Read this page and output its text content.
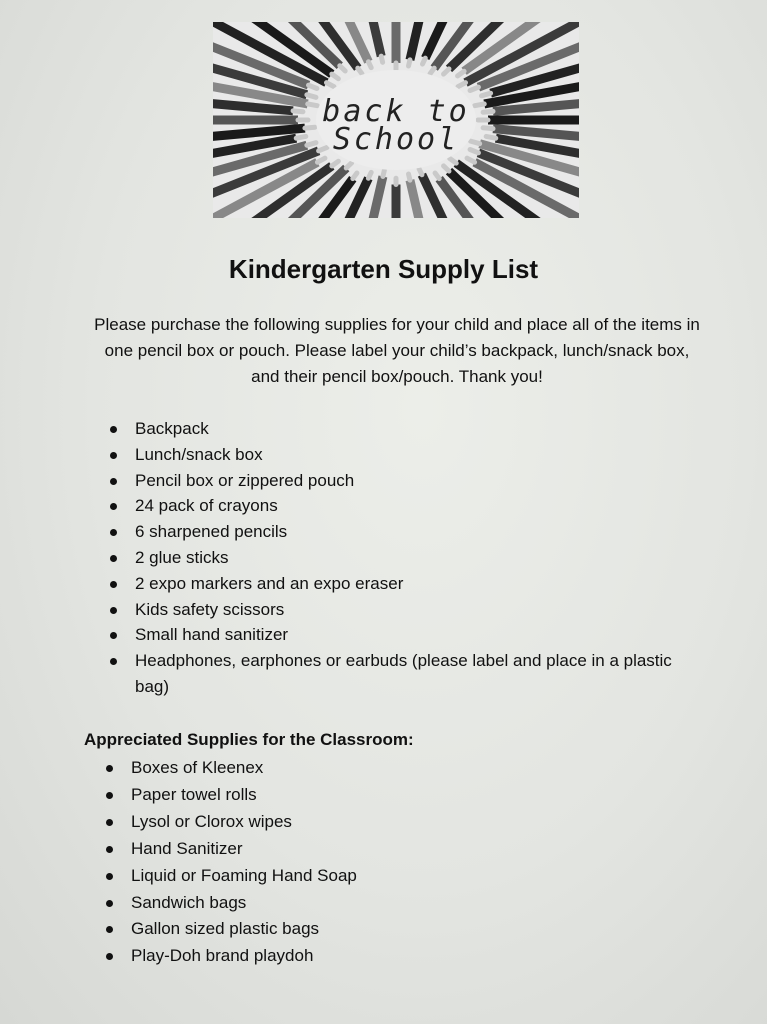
back to
School
Kindergarten Supply List
Please purchase the following supplies for your child and place all of the items in one pencil box or pouch. Please label your child’s backpack, lunch/snack box, and their pencil box/pouch. Thank you!
Backpack
Lunch/snack box
Pencil box or zippered pouch
24 pack of crayons
6 sharpened pencils
2 glue sticks
2 expo markers and an expo eraser
Kids safety scissors
Small hand sanitizer
Headphones, earphones or earbuds (please label and place in a plastic bag)
Appreciated Supplies for the Classroom:
Boxes of Kleenex
Paper towel rolls
Lysol or Clorox wipes
Hand Sanitizer
Liquid or Foaming Hand Soap
Sandwich bags
Gallon sized plastic bags
Play-Doh brand playdoh
